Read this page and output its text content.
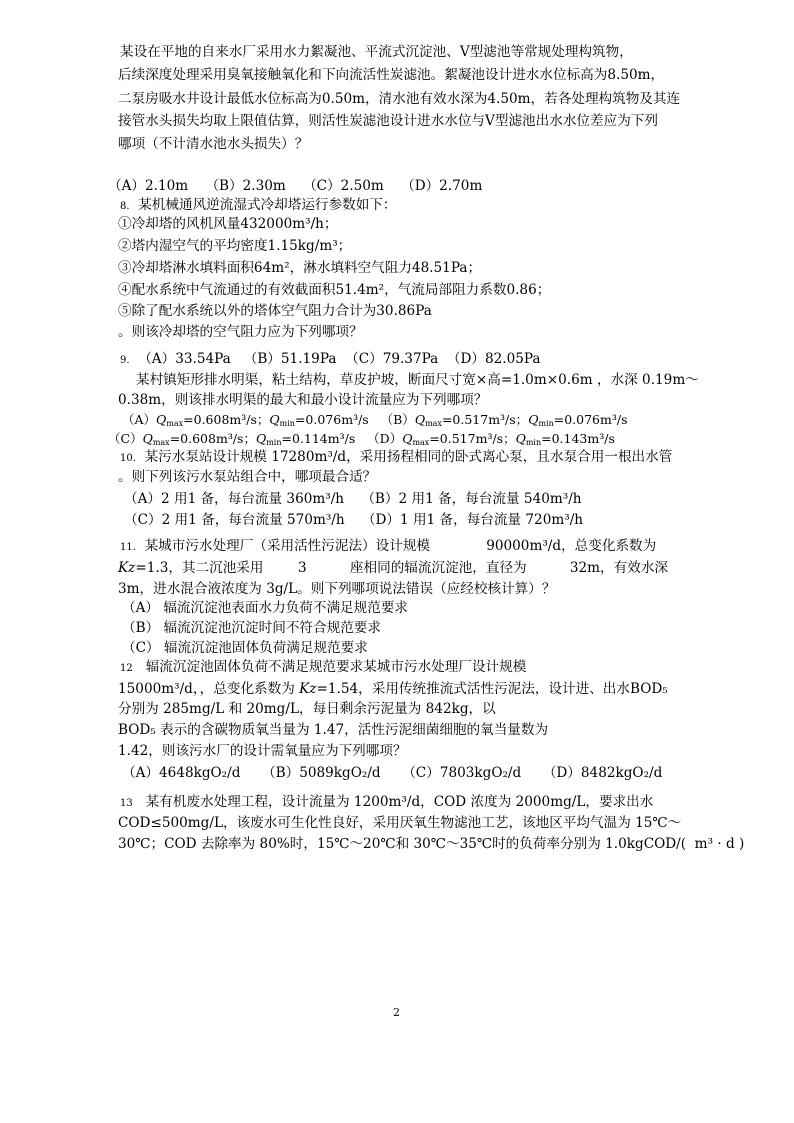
某设在平地的自来水厂采用水力絮凝池、平流式沉淀池、V型滤池等常规处理构筑物，
后续深度处理采用臭氧接触氧化和下向流活性炭滤池。絮凝池设计进水水位标高为8.50m，
二泵房吸水井设计最低水位标高为0.50m，清水池有效水深为4.50m，若各处理构筑物及其连
接管水头损失均取上限值估算，则活性炭滤池设计进水水位与V型滤池出水水位差应为下列
哪项（不计清水池水头损失）？
（A）2.10m    （B）2.30m    （C）2.50m    （D）2.70m
8. 某机械通风逆流湿式冷却塔运行参数如下：
①冷却塔的风机风量432000m³/h；
②塔内湿空气的平均密度1.15kg/m³；
③冷却塔淋水填料面积64m²，淋水填料空气阻力48.51Pa；
④配水系统中气流通过的有效截面积51.4m²，气流局部阻力系数0.86；
⑤除了配水系统以外的塔体空气阻力合计为30.86Pa
。则该冷却塔的空气阻力应为下列哪项？
9. （A）33.54Pa   （B）51.19Pa  （C）79.37Pa  （D）82.05Pa
某村镇矩形排水明渠，粘土结构，草皮护坡，断面尺寸宽×高=1.0m×0.6m ，水深 0.19m～
0.38m，则该排水明渠的最大和最小设计流量应为下列哪项？
$(A)Q_{max}=0.608m^3/s$；$Q_{min}=0.076m^3/s$   $(B)Q_{max}=0.517m^3/s$；$Q_{min}=0.076m^3/s$
$(C)Q_{max}=0.608m^3/s$；$Q_{min}=0.114m^3/s$   $(D)Q_{max}=0.517m^3/s$；$Q_{min}=0.143m^3/s$
10. 某污水泵站设计规模 17280m³/d，采用扬程相同的卧式离心泵，且水泵合用一根出水管
。则下列该污水泵站组合中，哪项最合适？
（A）2 用1 备，每台流量 360m³/h    （B）2 用1 备，每台流量 540m³/h
（C）2 用1 备，每台流量 570m³/h    （D）1 用1 备，每台流量 720m³/h
11. 某城市污水处理厂（采用活性污泥法）设计规模             90000m³/d，总变化系数为
Kz=1.3，其二沉池采用        3          座相同的辐流沉淀池，直径为          32m，有效水深
3m，进水混合液浓度为 3g/L。则下列哪项说法错误（应经校核计算）？
（A） 辐流沉淀池表面水力负荷不满足规范要求
（B） 辐流沉淀池沉淀时间不符合规范要求
（C） 辐流沉淀池固体负荷满足规范要求
12 辐流沉淀池固体负荷不满足规范要求某城市污水处理厂设计规模
15000m³/d，，总变化系数为 Kz=1.54，采用传统推流式活性污泥法，设计进、出水BOD₅
分别为 285mg/L 和 20mg/L，每日剩余污泥量为 842kg，以
BOD₅ 表示的含碳物质氧当量为 1.47，活性污泥细菌细胞的氧当量数为
1.42，则该污水厂的设计需氧量应为下列哪项？
（A）4648kgO₂/d     （B）5089kgO₂/d     （C）7803kgO₂/d     （D）8482kgO₂/d
13 某有机废水处理工程，设计流量为 1200m³/d，COD 浓度为 2000mg/L，要求出水
COD≤500mg/L，该废水可生化性良好，采用厌氧生物滤池工艺，该地区平均气温为 15℃～
30℃；COD 去除率为 80%时，15℃～20℃和 30℃～35℃时的负荷率分别为 1.0kgCOD/(  m³ · d )
2
